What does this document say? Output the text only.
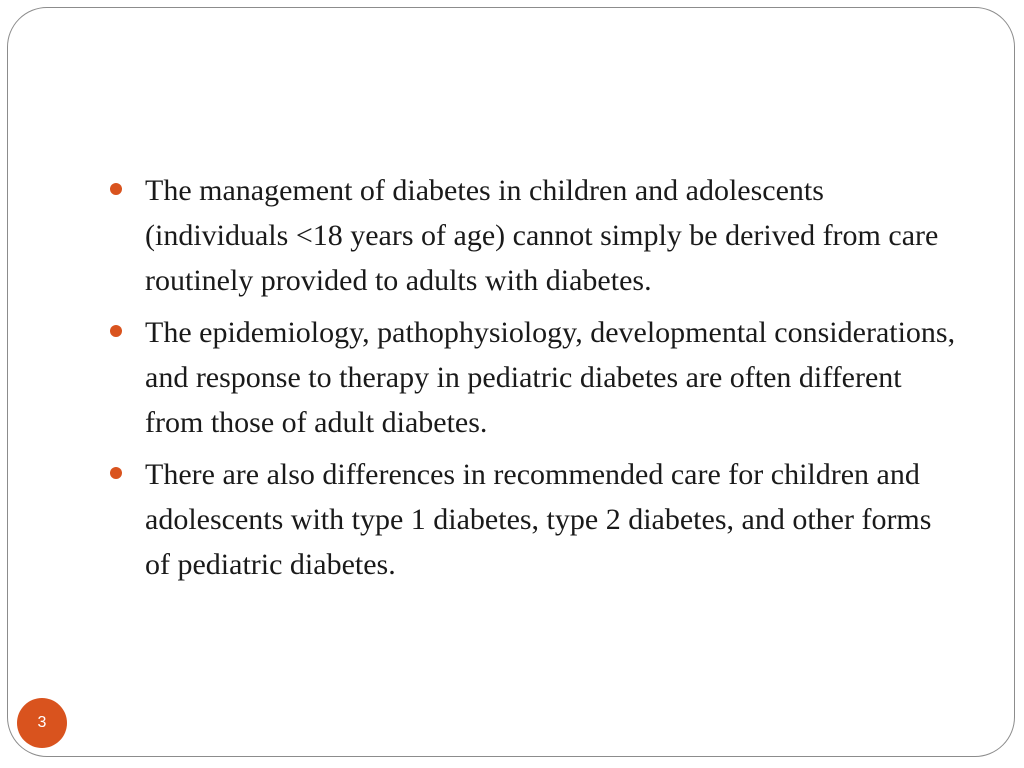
The management of diabetes in children and adolescents (individuals <18 years of age) cannot simply be derived from care routinely provided to adults with diabetes.
The epidemiology, pathophysiology, developmental considerations, and response to therapy in pediatric diabetes are often different from those of adult diabetes.
There are also differences in recommended care for children and adolescents with type 1 diabetes, type 2 diabetes, and other forms of pediatric diabetes.
3
